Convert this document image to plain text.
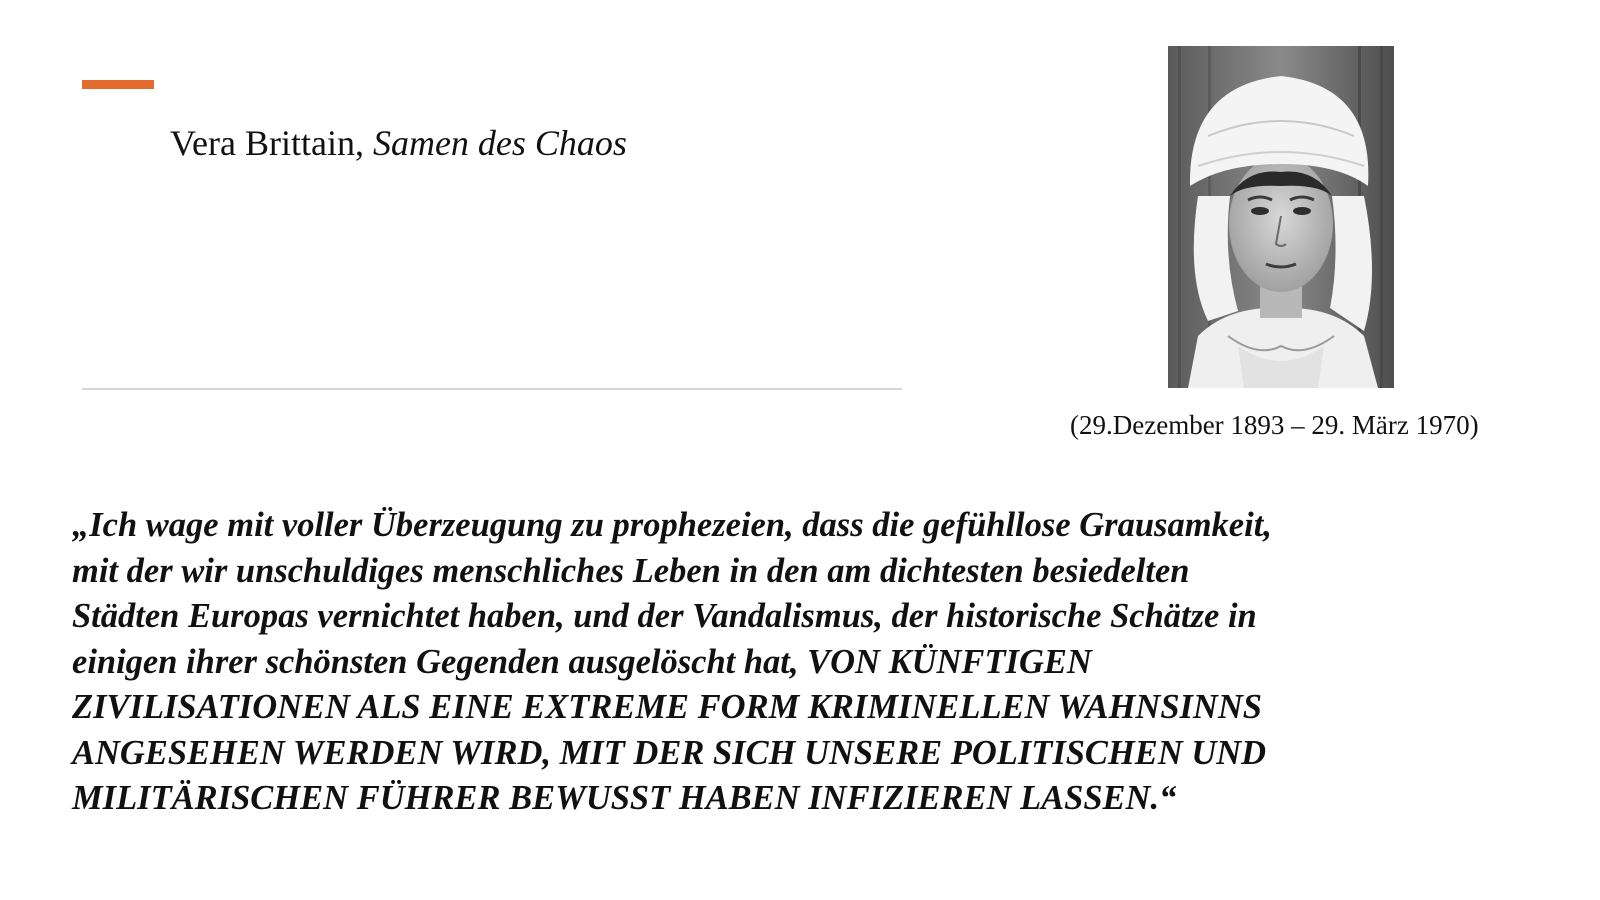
Vera Brittain, Samen des Chaos
(29.Dezember 1893 – 29. März 1970)
„Ich wage mit voller Überzeugung zu prophezeien, dass die gefühllose Grausamkeit,
mit der wir unschuldiges menschliches Leben in den am dichtesten besiedelten
Städten Europas vernichtet haben, und der Vandalismus, der historische Schätze in
einigen ihrer schönsten Gegenden ausgelöscht hat, VON KÜNFTIGEN
ZIVILISATIONEN ALS EINE EXTREME FORM KRIMINELLEN WAHNSINNS
ANGESEHEN WERDEN WIRD, MIT DER SICH UNSERE POLITISCHEN UND
MILITÄRISCHEN FÜHRER BEWUSST HABEN INFIZIEREN LASSEN.“
